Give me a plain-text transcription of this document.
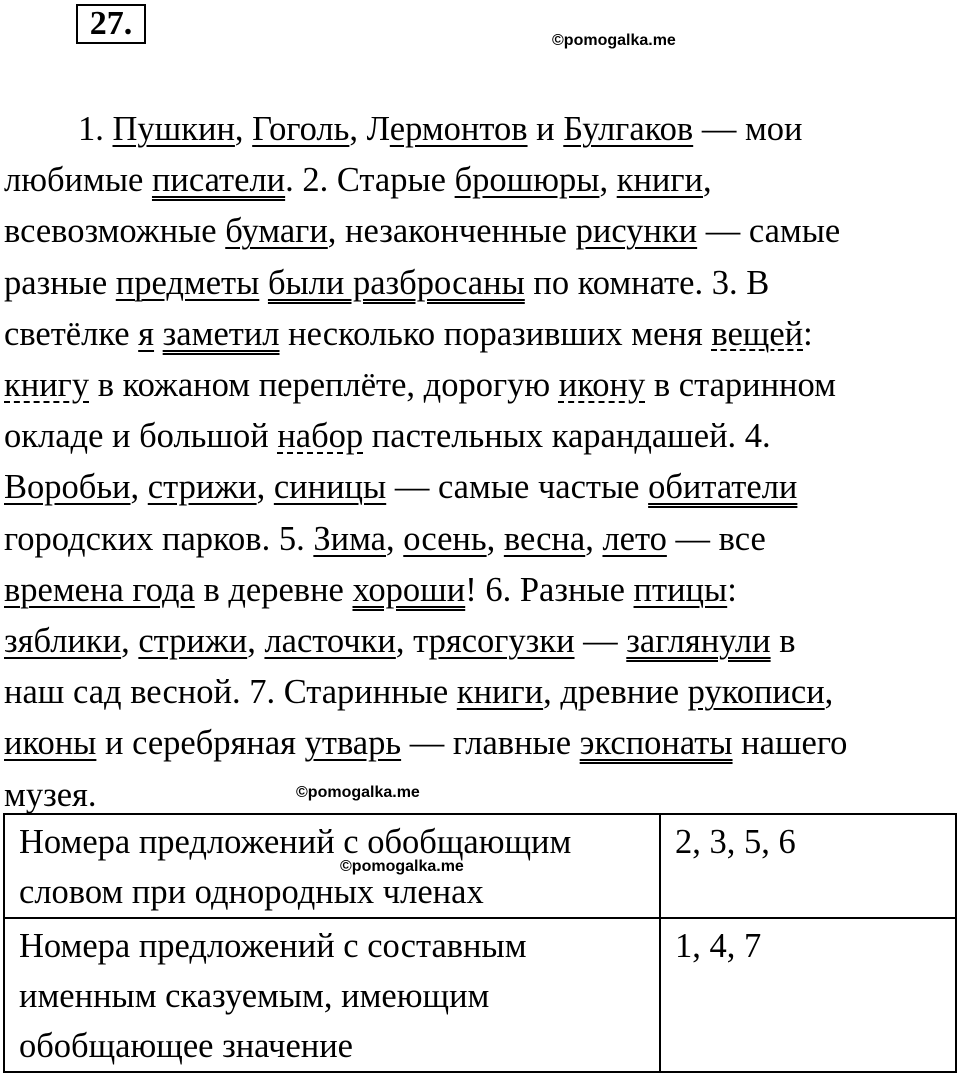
27.	©pomogalka.me
1. Пушкин, Гоголь, Лермонтов и Булгаков — мои
любимые писатели. 2. Старые брошюры, книги,
всевозможные бумаги, незаконченные рисунки — самые
разные предметы были разбросаны по комнате. 3. В
светёлке я заметил несколько поразивших меня вещей:
книгу в кожаном переплёте, дорогую икону в старинном
окладе и большой набор пастельных карандашей. 4.
Воробьи, стрижи, синицы — самые частые обитатели
городских парков. 5. Зима, осень, весна, лето — все
времена года в деревне хороши! 6. Разные птицы:
зяблики, стрижи, ласточки, трясогузки — заглянули в
наш сад весной. 7. Старинные книги, древние рукописи,
иконы и серебряная утварь — главные экспонаты нашего
музея.	©pomogalka.me
Номера предложений с обобщающим
словом при однородных членах	2, 3, 5, 6

Номера предложений с составным
именным сказуемым, имеющим
обобщающее значение	1, 4, 7
©pomogalka.me
